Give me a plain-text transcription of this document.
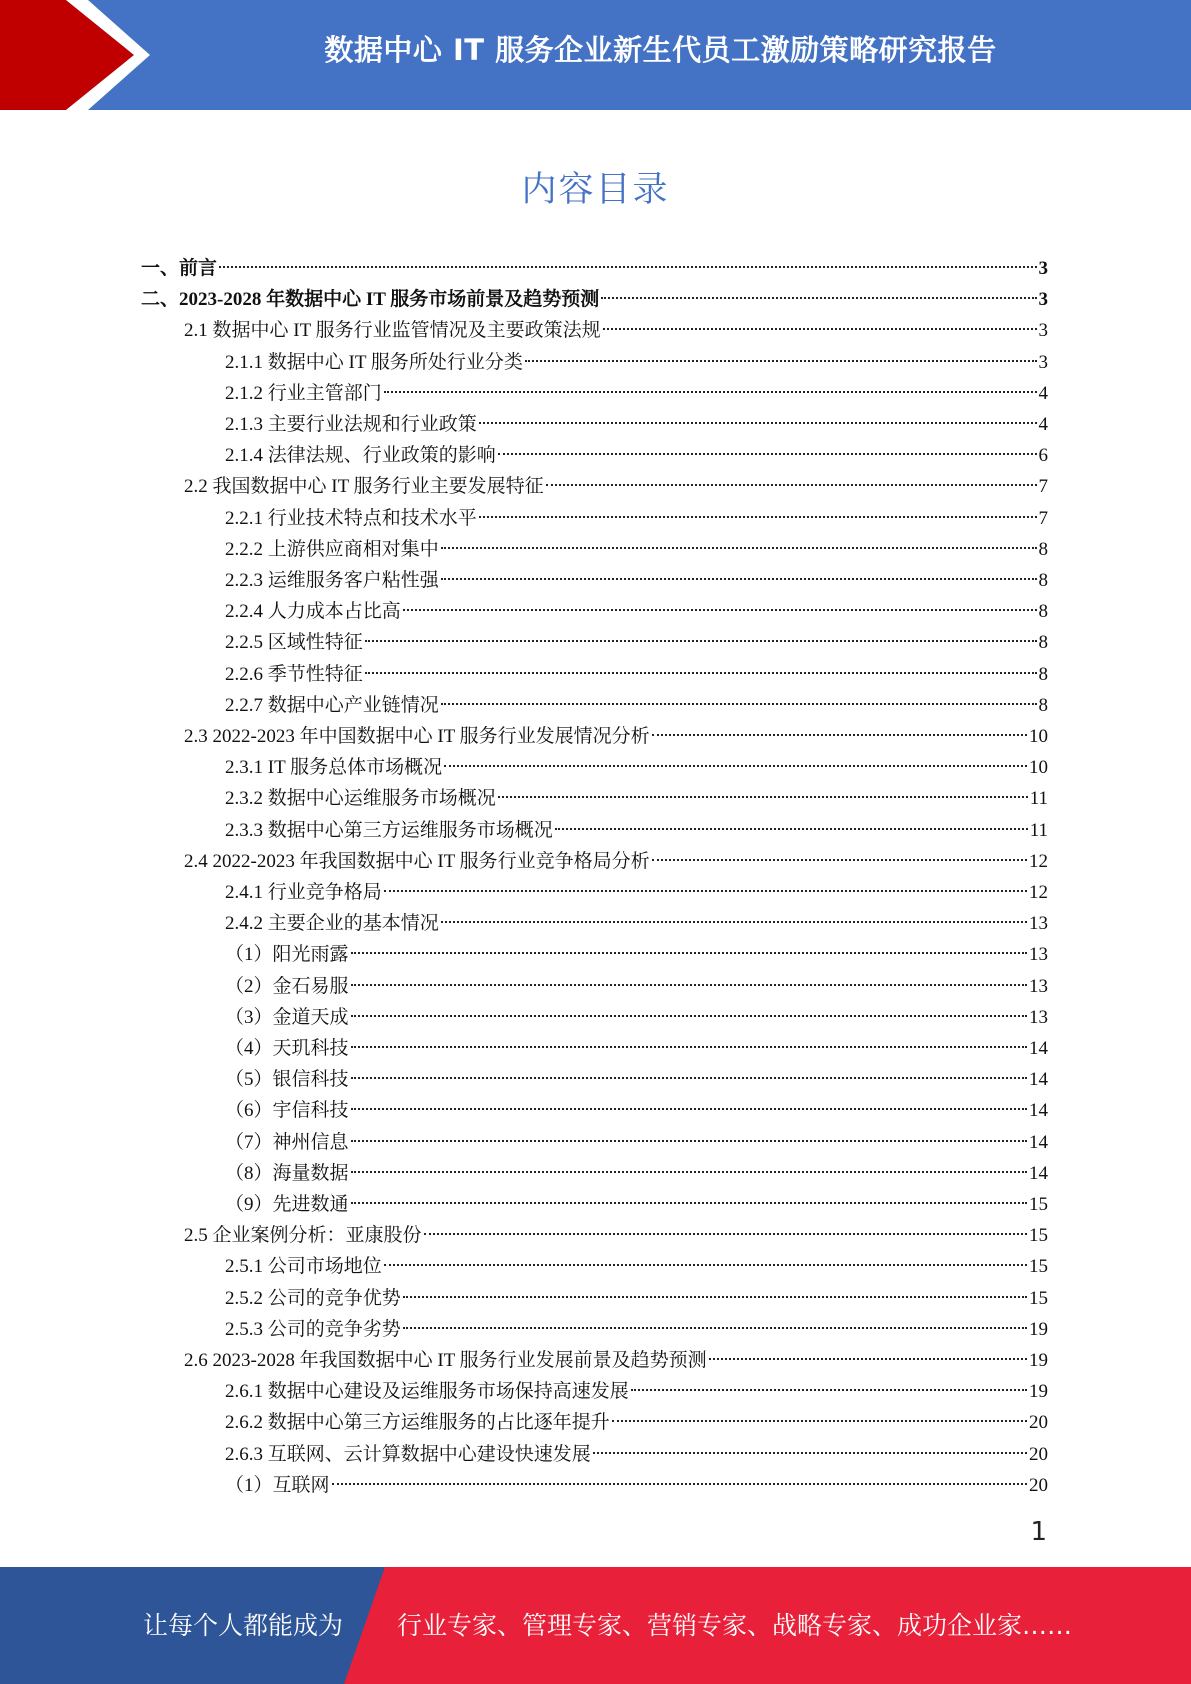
数据中心 IT 服务企业新生代员工激励策略研究报告
内容目录
一、前言	3
二、2023-2028 年数据中心 IT 服务市场前景及趋势预测	3
2.1 数据中心 IT 服务行业监管情况及主要政策法规	3
2.1.1 数据中心 IT 服务所处行业分类	3
2.1.2 行业主管部门	4
2.1.3 主要行业法规和行业政策	4
2.1.4 法律法规、行业政策的影响	6
2.2 我国数据中心 IT 服务行业主要发展特征	7
2.2.1 行业技术特点和技术水平	7
2.2.2 上游供应商相对集中	8
2.2.3 运维服务客户粘性强	8
2.2.4 人力成本占比高	8
2.2.5 区域性特征	8
2.2.6 季节性特征	8
2.2.7 数据中心产业链情况	8
2.3 2022-2023 年中国数据中心 IT 服务行业发展情况分析	10
2.3.1 IT 服务总体市场概况	10
2.3.2 数据中心运维服务市场概况	11
2.3.3 数据中心第三方运维服务市场概况	11
2.4 2022-2023 年我国数据中心 IT 服务行业竞争格局分析	12
2.4.1 行业竞争格局	12
2.4.2 主要企业的基本情况	13
（1）阳光雨露	13
（2）金石易服	13
（3）金道天成	13
（4）天玑科技	14
（5）银信科技	14
（6）宇信科技	14
（7）神州信息	14
（8）海量数据	14
（9）先进数通	15
2.5 企业案例分析：亚康股份	15
2.5.1 公司市场地位	15
2.5.2 公司的竞争优势	15
2.5.3 公司的竞争劣势	19
2.6 2023-2028 年我国数据中心 IT 服务行业发展前景及趋势预测	19
2.6.1 数据中心建设及运维服务市场保持高速发展	19
2.6.2 数据中心第三方运维服务的占比逐年提升	20
2.6.3 互联网、云计算数据中心建设快速发展	20
（1）互联网	20
1
让每个人都能成为 行业专家、管理专家、营销专家、战略专家、成功企业家……
